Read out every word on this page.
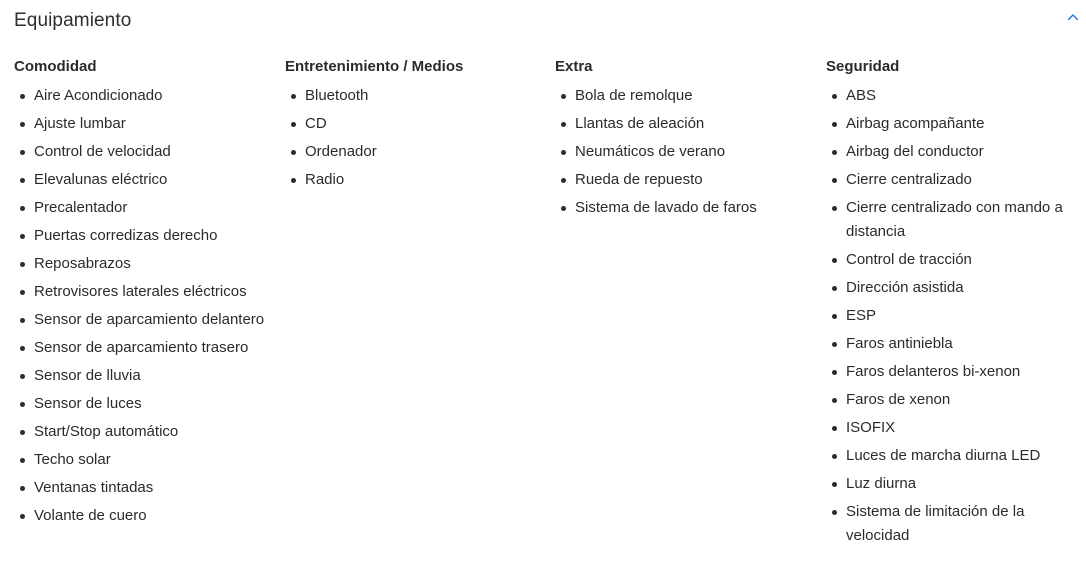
Equipamiento
Comodidad
Aire Acondicionado
Ajuste lumbar
Control de velocidad
Elevalunas eléctrico
Precalentador
Puertas corredizas derecho
Reposabrazos
Retrovisores laterales eléctricos
Sensor de aparcamiento delantero
Sensor de aparcamiento trasero
Sensor de lluvia
Sensor de luces
Start/Stop automático
Techo solar
Ventanas tintadas
Volante de cuero
Entretenimiento / Medios
Bluetooth
CD
Ordenador
Radio
Extra
Bola de remolque
Llantas de aleación
Neumáticos de verano
Rueda de repuesto
Sistema de lavado de faros
Seguridad
ABS
Airbag acompañante
Airbag del conductor
Cierre centralizado
Cierre centralizado con mando a distancia
Control de tracción
Dirección asistida
ESP
Faros antiniebla
Faros delanteros bi-xenon
Faros de xenon
ISOFIX
Luces de marcha diurna LED
Luz diurna
Sistema de limitación de la velocidad
